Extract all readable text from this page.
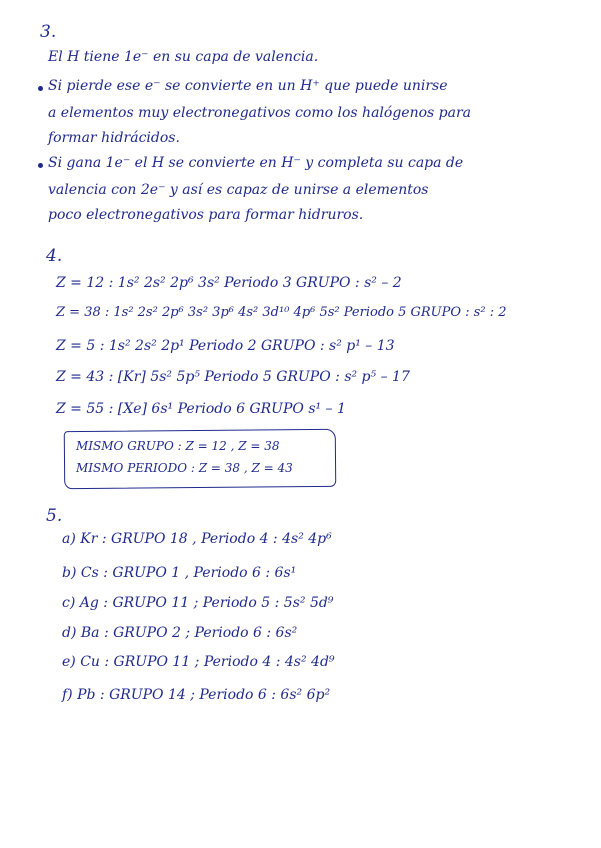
3.
El H tiene 1e⁻ en su capa de valencia.
Si pierde ese e⁻ se convierte en un H⁺ que puede unirse
a elementos muy electronegativos como los halógenos para
formar hidrácidos.
Si gana 1e⁻ el H se convierte en H⁻ y completa su capa de
valencia con 2e⁻ y así es capaz de unirse a elementos
poco electronegativos para formar hidruros.
4.
Z = 12 : 1s² 2s² 2p⁶ 3s² Periodo 3 GRUPO : s² – 2
Z = 38 : 1s² 2s² 2p⁶ 3s² 3p⁶ 4s² 3d¹⁰ 4p⁶ 5s² Periodo 5 GRUPO : s² : 2
Z = 5 : 1s² 2s² 2p¹ Periodo 2 GRUPO : s² p¹ – 13
Z = 43 : [Kr] 5s² 5p⁵ Periodo 5 GRUPO : s² p⁵ – 17
Z = 55 : [Xe] 6s¹ Periodo 6 GRUPO s¹ – 1
MISMO GRUPO : Z = 12 , Z = 38
MISMO PERIODO : Z = 38 , Z = 43
5.
a) Kr : GRUPO 18 , Periodo 4 : 4s² 4p⁶
b) Cs : GRUPO 1 , Periodo 6 : 6s¹
c) Ag : GRUPO 11 ; Periodo 5 : 5s² 5d⁹
d) Ba : GRUPO 2 ; Periodo 6 : 6s²
e) Cu : GRUPO 11 ; Periodo 4 : 4s² 4d⁹
f) Pb : GRUPO 14 ; Periodo 6 : 6s² 6p²
